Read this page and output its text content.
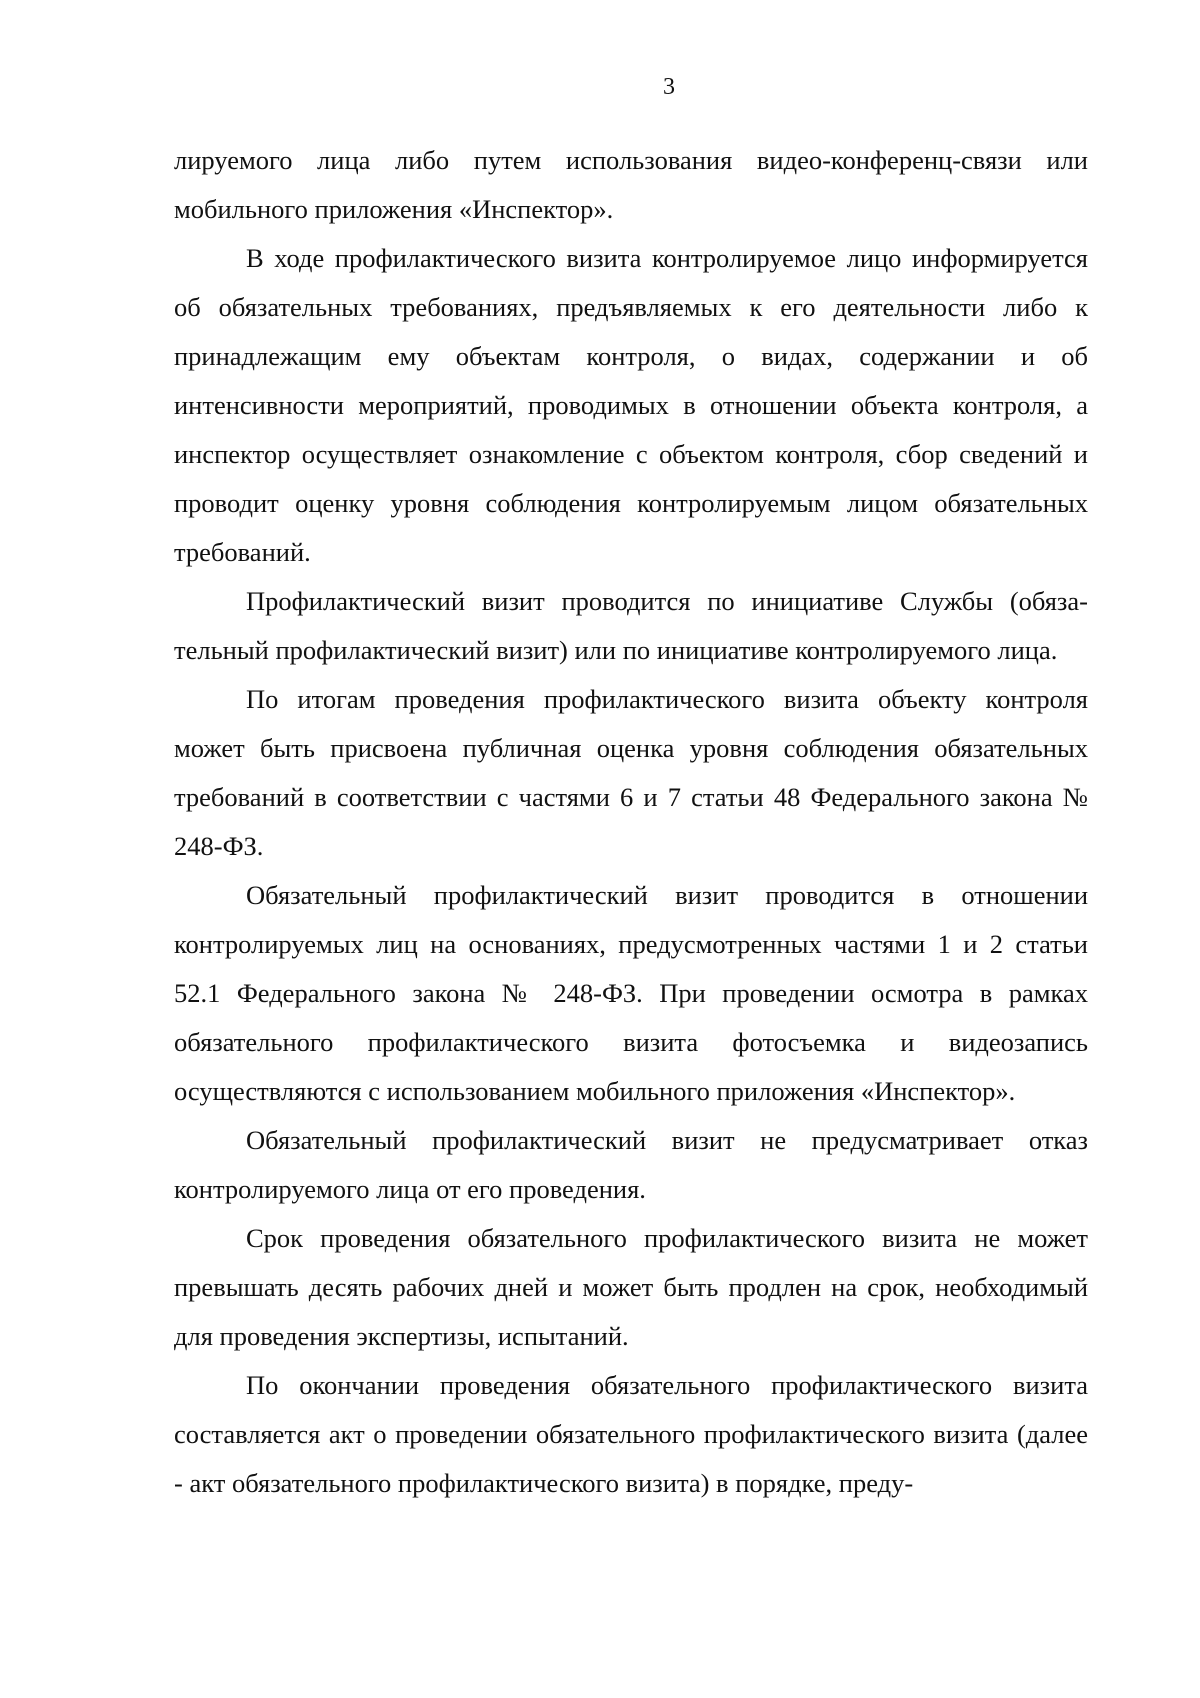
3

лируемого лица либо путем использования видео-конференц-связи или мобильного приложения «Инспектор».

В ходе профилактического визита контролируемое лицо информируется об обязательных требованиях, предъявляемых к его деятельности либо к принадлежащим ему объектам контроля, о видах, содержании и об интенсивности мероприятий, проводимых в отношении объекта контроля, а инспектор осуществляет ознакомление с объектом контроля, сбор сведений и проводит оценку уровня соблюдения контролируемым лицом обязательных требований.

Профилактический визит проводится по инициативе Службы (обязательный профилактический визит) или по инициативе контролируемого лица.

По итогам проведения профилактического визита объекту контроля может быть присвоена публичная оценка уровня соблюдения обязательных требований в соответствии с частями 6 и 7 статьи 48 Федерального закона № 248-ФЗ.

Обязательный профилактический визит проводится в отношении контролируемых лиц на основаниях, предусмотренных частями 1 и 2 статьи 52.1 Федерального закона № 248-ФЗ. При проведении осмотра в рамках обязательного профилактического визита фотосъемка и видеозапись осуществляются с использованием мобильного приложения «Инспектор».

Обязательный профилактический визит не предусматривает отказ контролируемого лица от его проведения.

Срок проведения обязательного профилактического визита не может превышать десять рабочих дней и может быть продлен на срок, необходимый для проведения экспертизы, испытаний.

По окончании проведения обязательного профилактического визита составляется акт о проведении обязательного профилактического визита (далее - акт обязательного профилактического визита) в порядке, преду-
